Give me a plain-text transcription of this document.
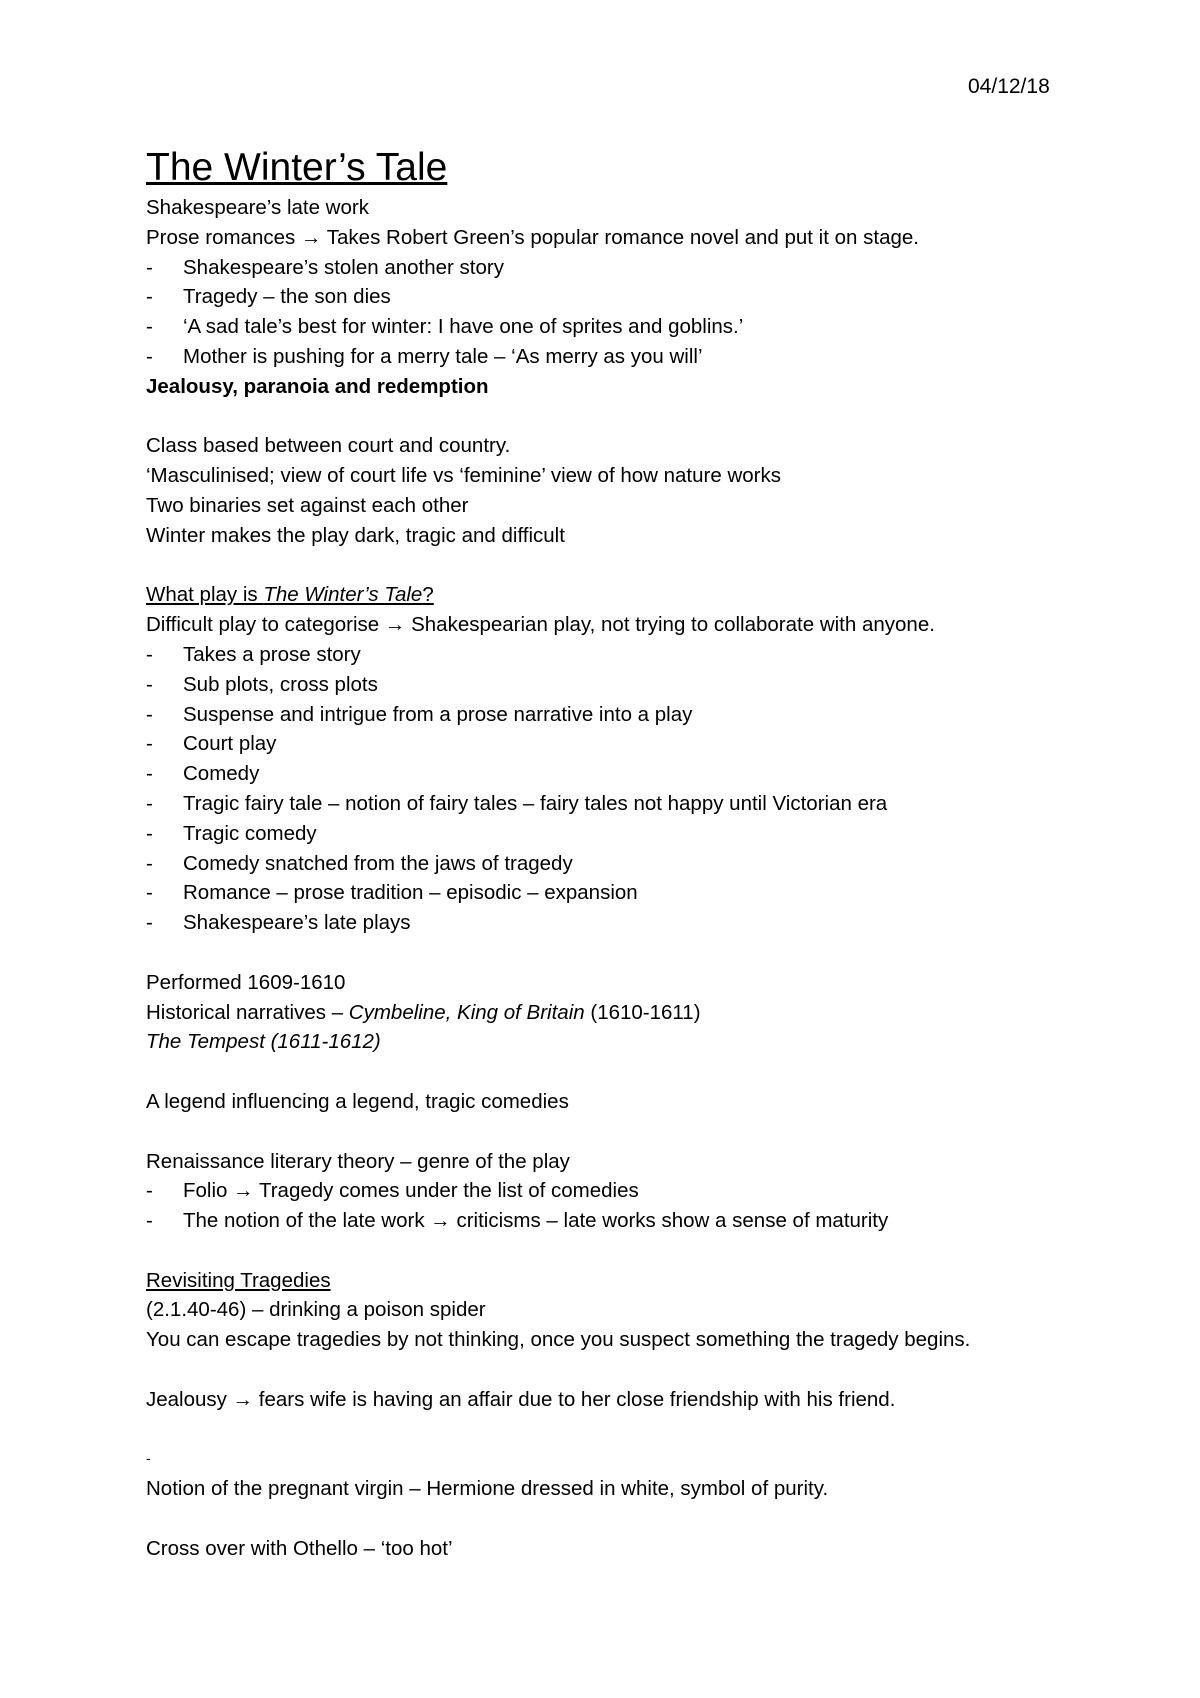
04/12/18
The Winter’s Tale
Shakespeare’s late work
Prose romances → Takes Robert Green’s popular romance novel and put it on stage.
- Shakespeare’s stolen another story
- Tragedy – the son dies
- ‘A sad tale’s best for winter: I have one of sprites and goblins.’
- Mother is pushing for a merry tale – ‘As merry as you will’
Jealousy, paranoia and redemption
Class based between court and country.
‘Masculinised; view of court life vs ‘feminine’ view of how nature works
Two binaries set against each other
Winter makes the play dark, tragic and difficult
What play is The Winter’s Tale?
Difficult play to categorise → Shakespearian play, not trying to collaborate with anyone.
- Takes a prose story
- Sub plots, cross plots
- Suspense and intrigue from a prose narrative into a play
- Court play
- Comedy
- Tragic fairy tale – notion of fairy tales – fairy tales not happy until Victorian era
- Tragic comedy
- Comedy snatched from the jaws of tragedy
- Romance – prose tradition – episodic – expansion
- Shakespeare’s late plays
Performed 1609-1610
Historical narratives – Cymbeline, King of Britain (1610-1611)
The Tempest (1611-1612)
A legend influencing a legend, tragic comedies
Renaissance literary theory – genre of the play
- Folio → Tragedy comes under the list of comedies
- The notion of the late work → criticisms – late works show a sense of maturity
Revisiting Tragedies
(2.1.40-46) – drinking a poison spider
You can escape tragedies by not thinking, once you suspect something the tragedy begins.
Jealousy → fears wife is having an affair due to her close friendship with his friend.
-
Notion of the pregnant virgin – Hermione dressed in white, symbol of purity.
Cross over with Othello – ‘too hot’
